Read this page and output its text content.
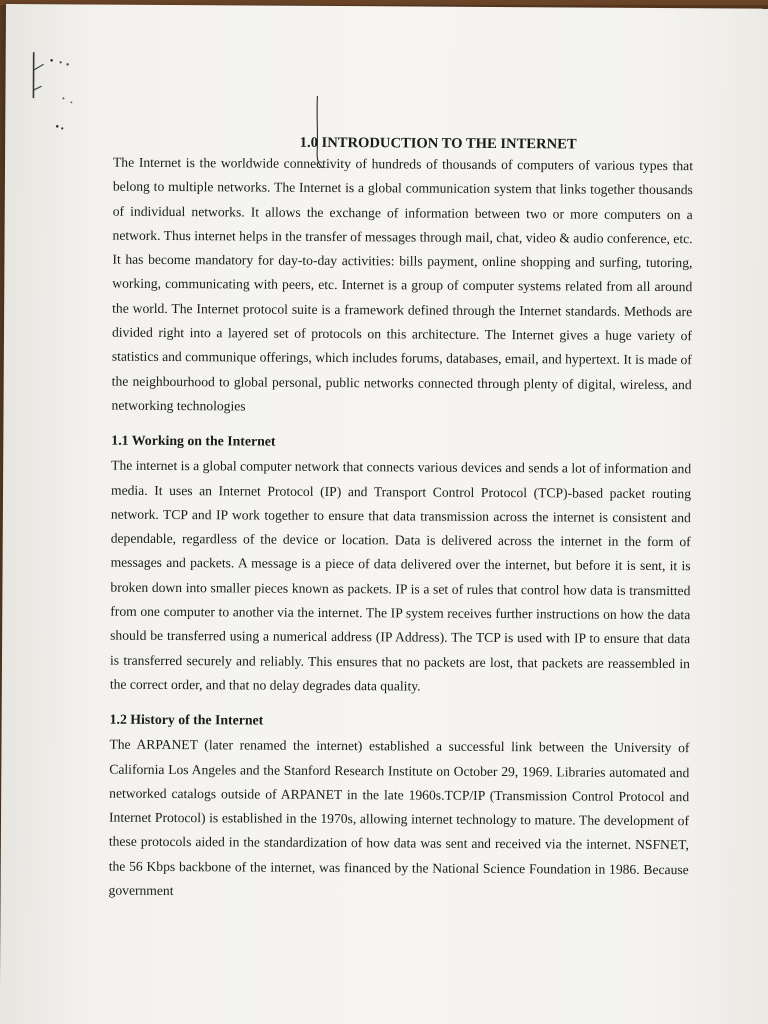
1.0 INTRODUCTION TO THE INTERNET

The Internet is the worldwide connectivity of hundreds of thousands of computers of various types that belong to multiple networks. The Internet is a global communication system that links together thousands of individual networks. It allows the exchange of information between two or more computers on a network. Thus internet helps in the transfer of messages through mail, chat, video & audio conference, etc. It has become mandatory for day-to-day activities: bills payment, online shopping and surfing, tutoring, working, communicating with peers, etc. Internet is a group of computer systems related from all around the world. The Internet protocol suite is a framework defined through the Internet standards. Methods are divided right into a layered set of protocols on this architecture. The Internet gives a huge variety of statistics and communique offerings, which includes forums, databases, email, and hypertext. It is made of the neighbourhood to global personal, public networks connected through plenty of digital, wireless, and networking technologies

1.1 Working on the Internet

The internet is a global computer network that connects various devices and sends a lot of information and media. It uses an Internet Protocol (IP) and Transport Control Protocol (TCP)-based packet routing network. TCP and IP work together to ensure that data transmission across the internet is consistent and dependable, regardless of the device or location. Data is delivered across the internet in the form of messages and packets. A message is a piece of data delivered over the internet, but before it is sent, it is broken down into smaller pieces known as packets. IP is a set of rules that control how data is transmitted from one computer to another via the internet. The IP system receives further instructions on how the data should be transferred using a numerical address (IP Address). The TCP is used with IP to ensure that data is transferred securely and reliably. This ensures that no packets are lost, that packets are reassembled in the correct order, and that no delay degrades data quality.

1.2 History of the Internet

The ARPANET (later renamed the internet) established a successful link between the University of California Los Angeles and the Stanford Research Institute on October 29, 1969. Libraries automated and networked catalogs outside of ARPANET in the late 1960s.TCP/IP (Transmission Control Protocol and Internet Protocol) is established in the 1970s, allowing internet technology to mature. The development of these protocols aided in the standardization of how data was sent and received via the internet. NSFNET, the 56 Kbps backbone of the internet, was financed by the National Science Foundation in 1986. Because government
